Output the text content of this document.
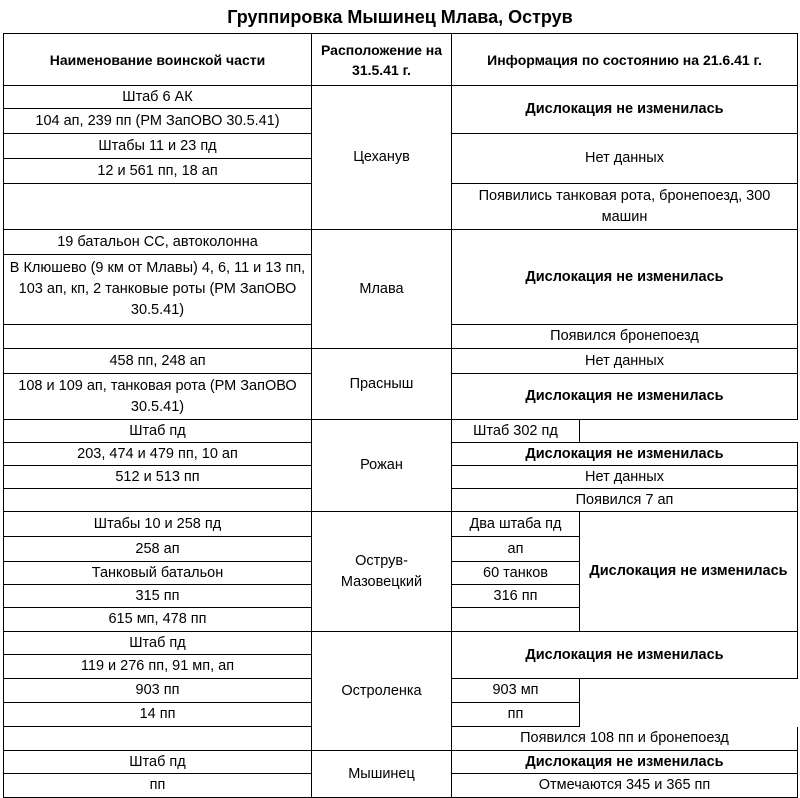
Группировка Мышинец Млава, Острув
Наименование воинской части	Расположение на 31.5.41 г.	Информация по состоянию на 21.6.41 г.	
Штаб 6 АК	Цеханув	Дислокация не изменилась	
104 ап, 239 пп (РМ ЗапОВО 30.5.41)			
Штабы 11 и 23 пд		Нет данных	
12 и 561 пп, 18 ап			
		Появились танковая рота, бронепоезд, 300 машин	
19 батальон СС, автоколонна	Млава	Дислокация не изменилась	
В Клюшево (9 км от Млавы) 4, 6, 11 и 13 пп, 103 ап, кп, 2 танковые роты (РМ ЗапОВО 30.5.41)			
		Появился бронепоезд	
458 пп, 248 ап	Прасныш	Нет данных	
108 и 109 ап, танковая рота (РМ ЗапОВО 30.5.41)		Дислокация не изменилась	
Штаб пд	Рожан	Штаб 302 пд	
203, 474 и 479 пп, 10 ап		Дислокация не изменилась	
512 и 513 пп		Нет данных	
		Появился 7 ап	
Штабы 10 и 258 пд	Острув-Мазовецкий	Два штаба пд	Дислокация не изменилась
258 ап		ап	
Танковый батальон		60 танков	
315 пп		316 пп	
615 мп, 478 пп			
Штаб пд	Остроленка	Дислокация не изменилась	
119 и 276 пп, 91 мп, ап			
903 пп		903 мп	
14 пп		пп	
		Появился 108 пп и бронепоезд	
Штаб пд	Мышинец	Дислокация не изменилась	
пп		Отмечаются 345 и 365 пп	
